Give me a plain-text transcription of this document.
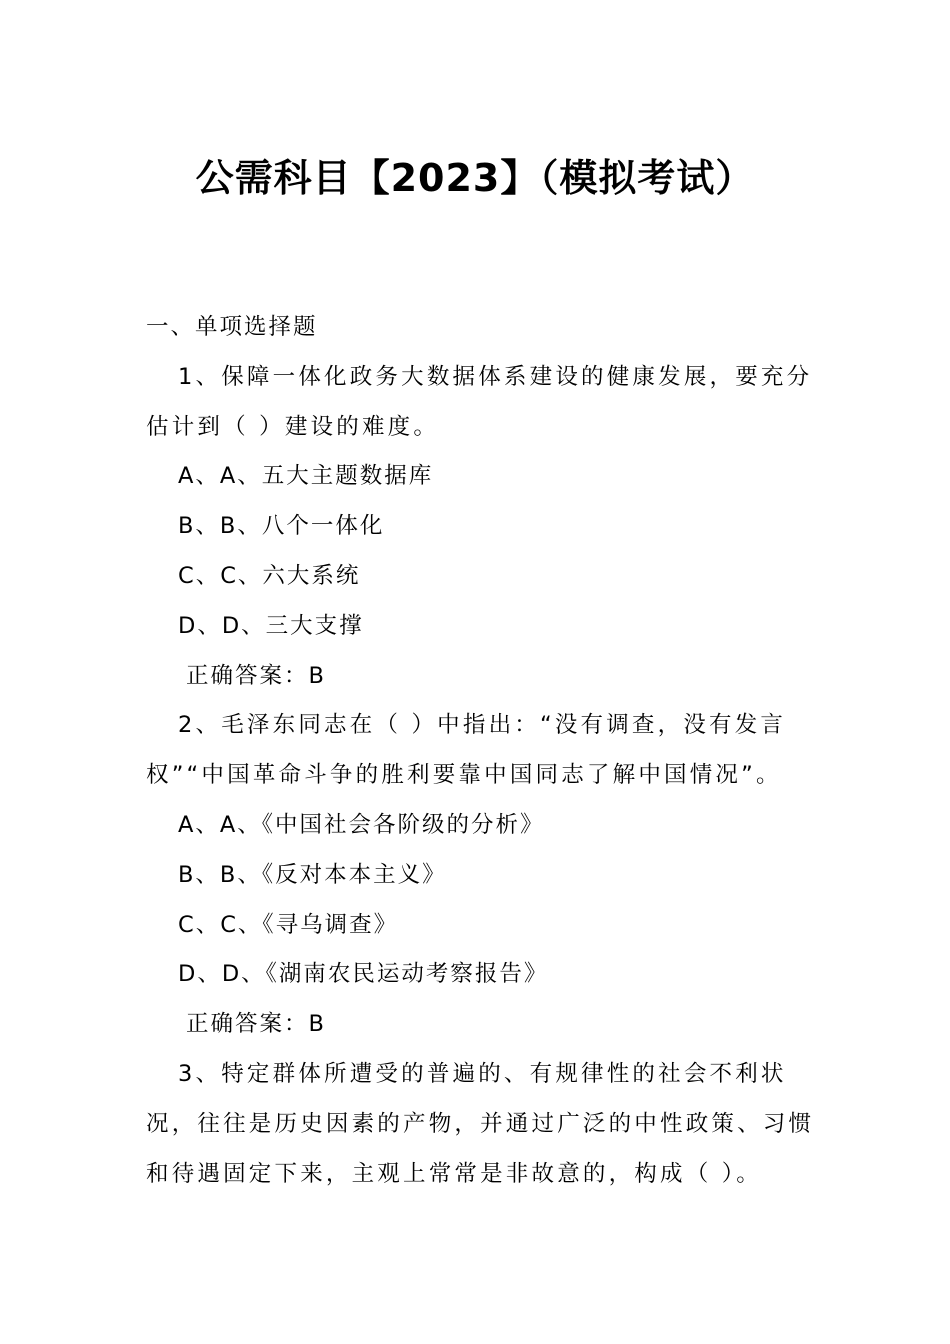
公需科目【2023】（模拟考试）

一、单项选择题

1、保障一体化政务大数据体系建设的健康发展，要充分估计到（ ）建设的难度。

A、A、五大主题数据库

B、B、八个一体化

C、C、六大系统

D、D、三大支撑

正确答案：B

2、毛泽东同志在（ ）中指出：“没有调查，没有发言权”“中国革命斗争的胜利要靠中国同志了解中国情况”。

A、A、《中国社会各阶级的分析》

B、B、《反对本本主义》

C、C、《寻乌调查》

D、D、《湖南农民运动考察报告》

正确答案：B

3、特定群体所遭受的普遍的、有规律性的社会不利状况，往往是历史因素的产物，并通过广泛的中性政策、习惯和待遇固定下来，主观上常常是非故意的，构成（ ）。
